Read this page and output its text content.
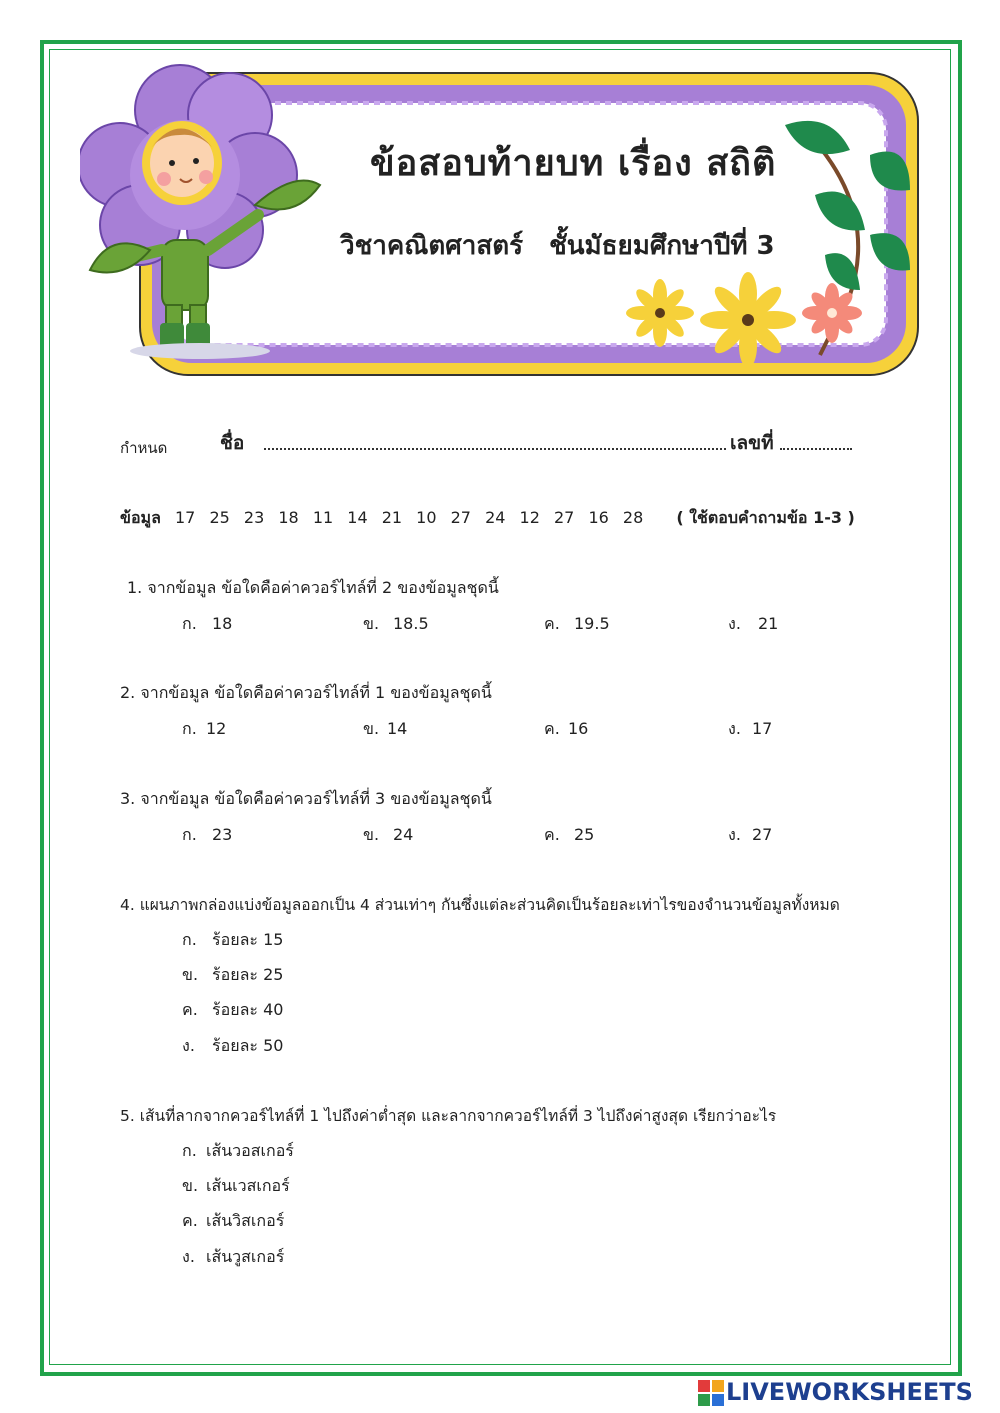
ข้อสอบท้ายบท เรื่อง สถิติ
วิชาคณิตศาสตร์ ชั้นมัธยมศึกษาปีที่ 3
กำหนด	ชื่อ	เลขที่
ข้อมูล 17 25 23 18 11 14 21 10 27 24 12 27 16 28 ( ใช้ตอบคำถามข้อ 1-3 )
1. จากข้อมูล ข้อใดคือค่าควอร์ไทล์ที่ 2 ของข้อมูลชุดนี้
ก. 18	ข. 18.5	ค. 19.5	ง. 21
2. จากข้อมูล ข้อใดคือค่าควอร์ไทล์ที่ 1 ของข้อมูลชุดนี้
ก. 12	ข. 14	ค. 16	ง. 17
3. จากข้อมูล ข้อใดคือค่าควอร์ไทล์ที่ 3 ของข้อมูลชุดนี้
ก. 23	ข. 24	ค. 25	ง. 27
4. แผนภาพกล่องแบ่งข้อมูลออกเป็น 4 ส่วนเท่าๆ กันซึ่งแต่ละส่วนคิดเป็นร้อยละเท่าไรของจำนวนข้อมูลทั้งหมด
ก. ร้อยละ 15
ข. ร้อยละ 25
ค. ร้อยละ 40
ง. ร้อยละ 50
5. เส้นที่ลากจากควอร์ไทล์ที่ 1 ไปถึงค่าต่ำสุด และลากจากควอร์ไทล์ที่ 3 ไปถึงค่าสูงสุด เรียกว่าอะไร
ก. เส้นวอสเกอร์
ข. เส้นเวสเกอร์
ค. เส้นวิสเกอร์
ง. เส้นวูสเกอร์
LIVEWORKSHEETS
